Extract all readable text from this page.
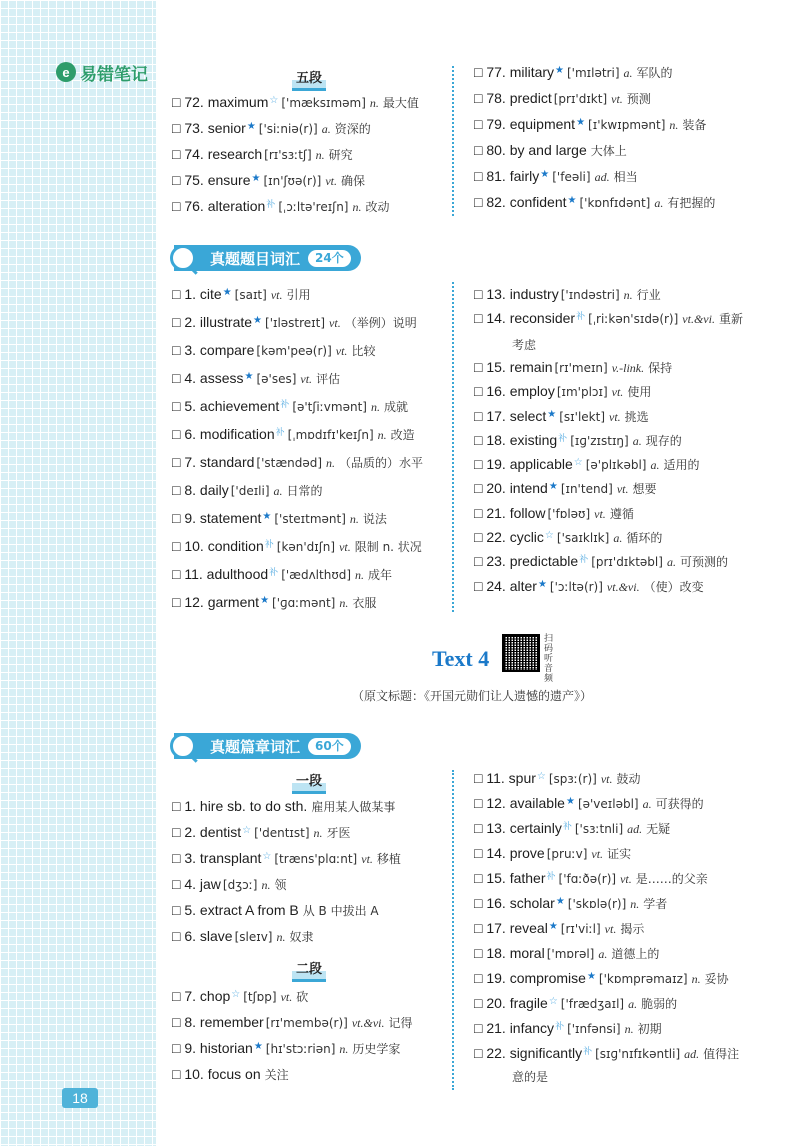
e 易错笔记
18
五段
□ 72. maximum ☆ ['mæksɪməm] n. 最大值
□ 73. senior ★ ['siːniə(r)] a. 资深的
□ 74. research [rɪ'sɜːtʃ] n. 研究
□ 75. ensure ★ [ɪn'ʃʊə(r)] vt. 确保
□ 76. alteration 补 [ˌɔːltə'reɪʃn] n. 改动
□ 77. military ★ ['mɪlətri] a. 军队的
□ 78. predict [prɪ'dɪkt] vt. 预测
□ 79. equipment ★ [ɪ'kwɪpmənt] n. 装备
□ 80. by and large 大体上
□ 81. fairly ★ ['feəli] ad. 相当
□ 82. confident ★ ['kɒnfɪdənt] a. 有把握的
真题题目词汇	24个
□ 1. cite ★ [saɪt] vt. 引用
□ 2. illustrate ★ ['ɪləstreɪt] vt. （举例）说明
□ 3. compare [kəm'peə(r)] vt. 比较
□ 4. assess ★ [ə'ses] vt. 评估
□ 5. achievement 补 [ə'tʃiːvmənt] n. 成就
□ 6. modification 补 [ˌmɒdɪfɪ'keɪʃn] n. 改造
□ 7. standard ['stændəd] n. （品质的）水平
□ 8. daily ['deɪli] a. 日常的
□ 9. statement ★ ['steɪtmənt] n. 说法
□ 10. condition 补 [kən'dɪʃn] vt. 限制 n. 状况
□ 11. adulthood 补 ['ædʌlthʊd] n. 成年
□ 12. garment ★ ['ɡɑːmənt] n. 衣服
□ 13. industry ['ɪndəstri] n. 行业
□ 14. reconsider 补 [ˌriːkən'sɪdə(r)] vt.&vi. 重新
□ 15. remain [rɪ'meɪn] v.-link. 保持
□ 16. employ [ɪm'plɔɪ] vt. 使用
□ 17. select ★ [sɪ'lekt] vt. 挑选
□ 18. existing 补 [ɪɡ'zɪstɪŋ] a. 现存的
□ 19. applicable ☆ [ə'plɪkəbl] a. 适用的
□ 20. intend ★ [ɪn'tend] vt. 想要
□ 21. follow ['fɒləʊ] vt. 遵循
□ 22. cyclic ☆ ['saɪklɪk] a. 循环的
□ 23. predictable 补 [prɪ'dɪktəbl] a. 可预测的
□ 24. alter ★ ['ɔːltə(r)] vt.&vi. （使）改变
考虑
Text 4
扫码听音频
（原文标题：《开国元勋们让人遗憾的遗产》）
真题篇章词汇	60个
一段
二段
□ 1. hire sb. to do sth. 雇用某人做某事
□ 2. dentist ☆ ['dentɪst] n. 牙医
□ 3. transplant ☆ [træns'plɑːnt] vt. 移植
□ 4. jaw [dʒɔː] n. 领
□ 5. extract A from B 从 B 中拔出 A
□ 6. slave [sleɪv] n. 奴隶
□ 7. chop ☆ [tʃɒp] vt. 砍
□ 8. remember [rɪ'membə(r)] vt.&vi. 记得
□ 9. historian ★ [hɪ'stɔːriən] n. 历史学家
□ 10. focus on 关注
□ 11. spur ☆ [spɜː(r)] vt. 鼓动
□ 12. available ★ [ə'veɪləbl] a. 可获得的
□ 13. certainly 补 ['sɜːtnli] ad. 无疑
□ 14. prove [pruːv] vt. 证实
□ 15. father 补 ['fɑːðə(r)] vt. 是……的父亲
□ 16. scholar ★ ['skɒlə(r)] n. 学者
□ 17. reveal ★ [rɪ'viːl] vt. 揭示
□ 18. moral ['mɒrəl] a. 道德上的
□ 19. compromise ★ ['kɒmprəmaɪz] n. 妥协
□ 20. fragile ☆ ['frædʒaɪl] a. 脆弱的
□ 21. infancy 补 ['ɪnfənsi] n. 初期
□ 22. significantly 补 [sɪɡ'nɪfɪkəntli] ad. 值得注
意的是
